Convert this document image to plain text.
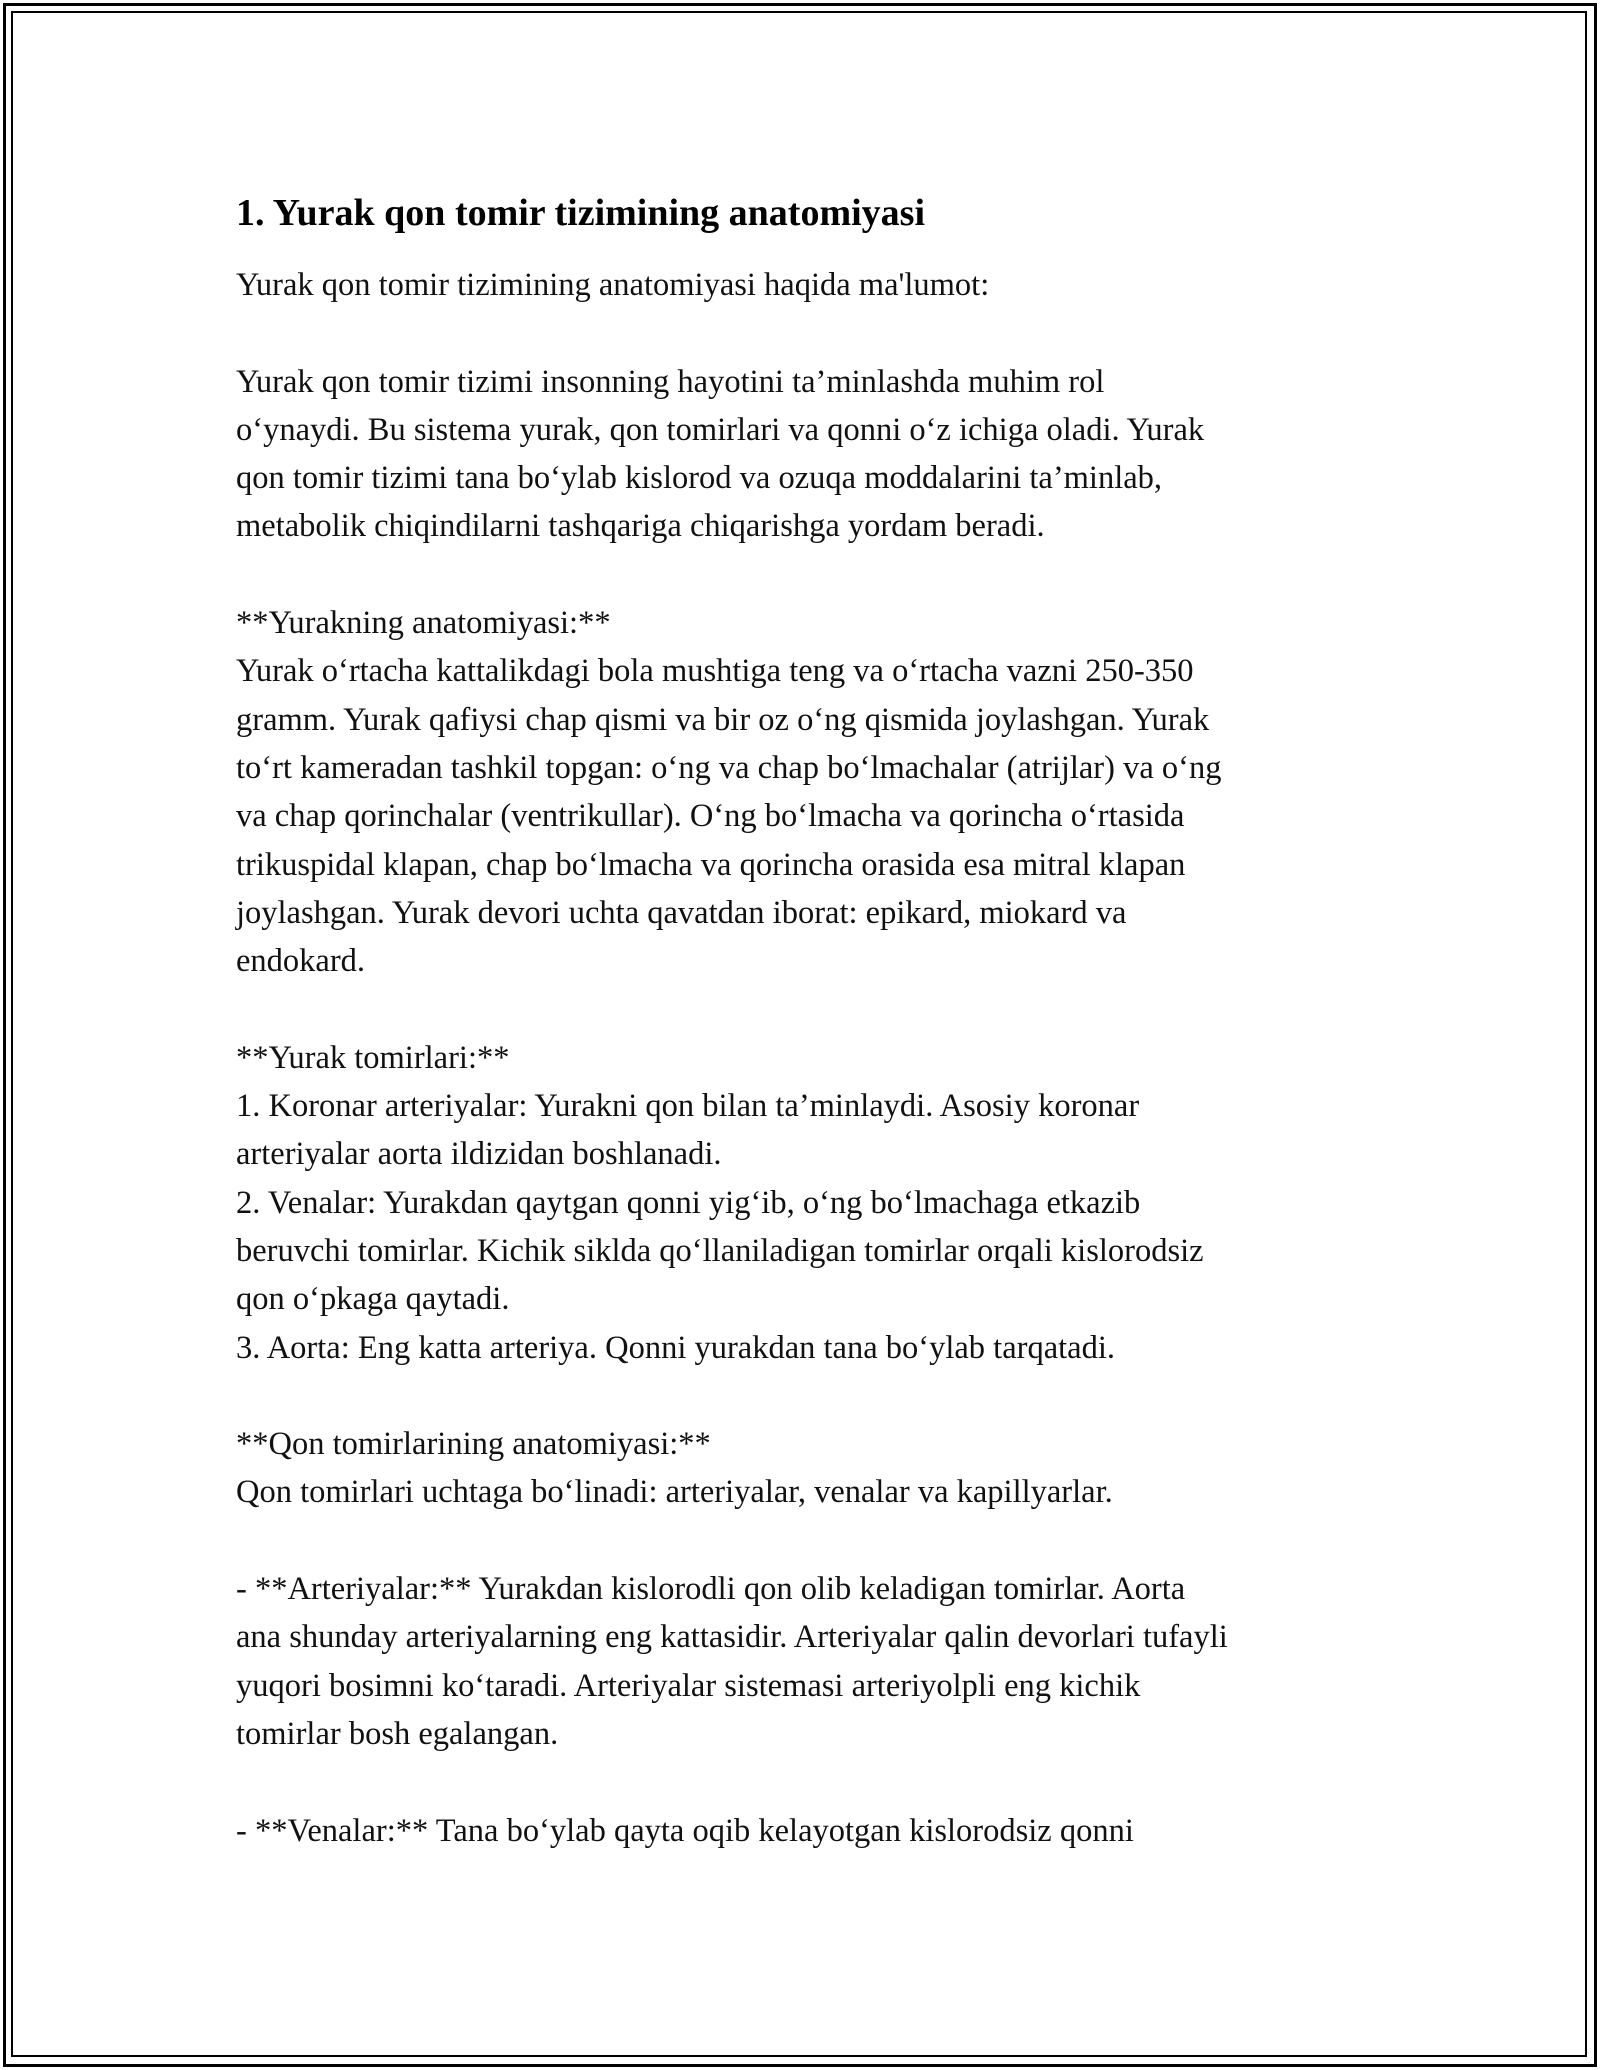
1. Yurak qon tomir tizimining anatomiyasi

Yurak qon tomir tizimining anatomiyasi haqida ma'lumot:

Yurak qon tomir tizimi insonning hayotini ta’minlashda muhim rol
o‘ynaydi. Bu sistema yurak, qon tomirlari va qonni o‘z ichiga oladi. Yurak
qon tomir tizimi tana bo‘ylab kislorod va ozuqa moddalarini ta’minlab,
metabolik chiqindilarni tashqariga chiqarishga yordam beradi.

**Yurakning anatomiyasi:**
Yurak o‘rtacha kattalikdagi bola mushtiga teng va o‘rtacha vazni 250-350
gramm. Yurak qafiysi chap qismi va bir oz o‘ng qismida joylashgan. Yurak
to‘rt kameradan tashkil topgan: o‘ng va chap bo‘lmachalar (atrijlar) va o‘ng
va chap qorinchalar (ventrikullar). O‘ng bo‘lmacha va qorincha o‘rtasida
trikuspidal klapan, chap bo‘lmacha va qorincha orasida esa mitral klapan
joylashgan. Yurak devori uchta qavatdan iborat: epikard, miokard va
endokard.

**Yurak tomirlari:**
1. Koronar arteriyalar: Yurakni qon bilan ta’minlaydi. Asosiy koronar
arteriyalar aorta ildizidan boshlanadi.
2. Venalar: Yurakdan qaytgan qonni yig‘ib, o‘ng bo‘lmachaga etkazib
beruvchi tomirlar. Kichik siklda qo‘llaniladigan tomirlar orqali kislorodsiz
qon o‘pkaga qaytadi.
3. Aorta: Eng katta arteriya. Qonni yurakdan tana bo‘ylab tarqatadi.

**Qon tomirlarining anatomiyasi:**
Qon tomirlari uchtaga bo‘linadi: arteriyalar, venalar va kapillyarlar.

- **Arteriyalar:** Yurakdan kislorodli qon olib keladigan tomirlar. Aorta
ana shunday arteriyalarning eng kattasidir. Arteriyalar qalin devorlari tufayli
yuqori bosimni ko‘taradi. Arteriyalar sistemasi arteriyolpli eng kichik
tomirlar bosh egalangan.

- **Venalar:** Tana bo‘ylab qayta oqib kelayotgan kislorodsiz qonni
